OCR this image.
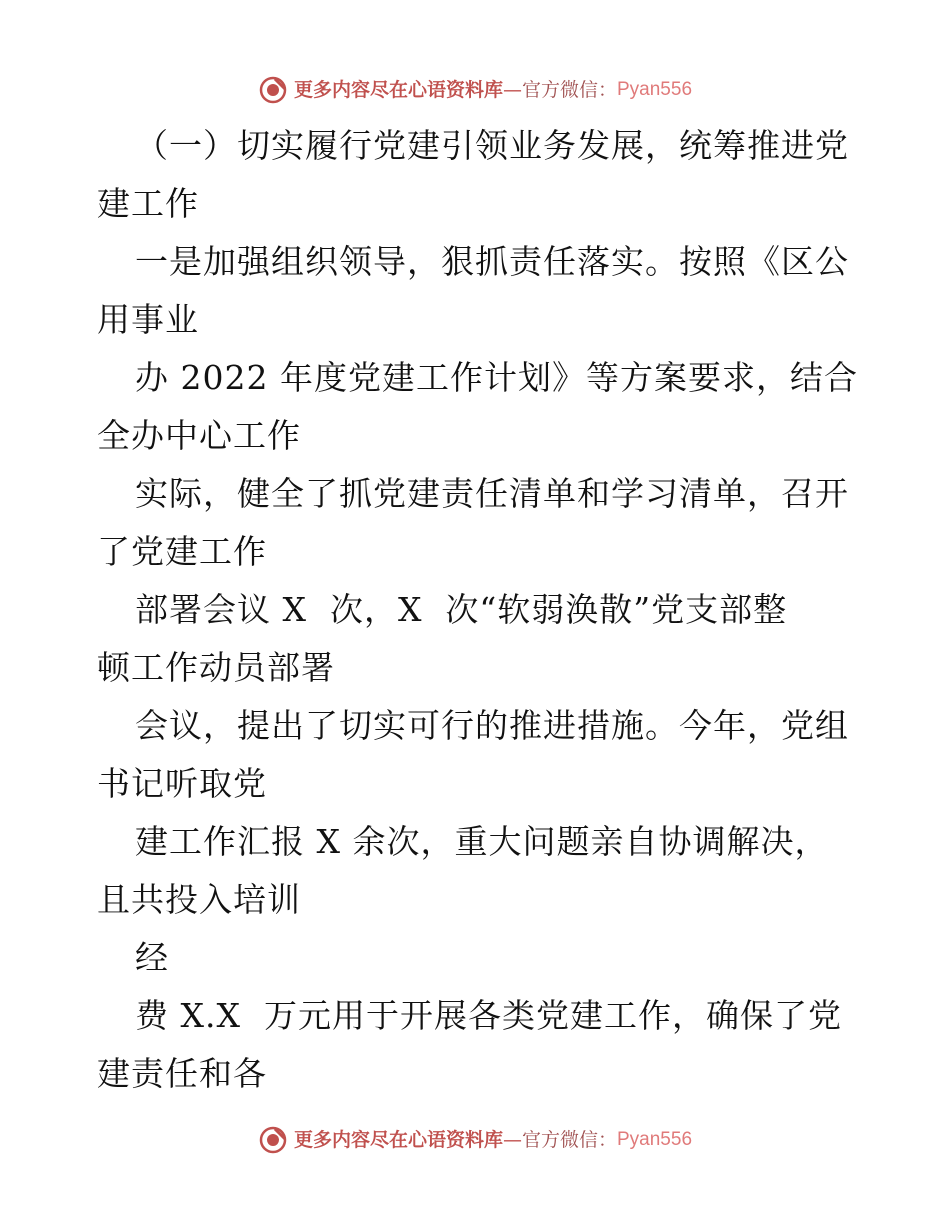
更多内容尽在心语资料库 — 官方微信： Pyan556
（一）切实履行党建引领业务发展，统筹推进党
建工作
一是加强组织领导，狠抓责任落实。按照《区公
用事业
办 2022 年度党建工作计划》等方案要求，结合
全办中心工作
实际，健全了抓党建责任清单和学习清单，召开
了党建工作
部署会议 X  次，X  次“软弱涣散”党支部整
顿工作动员部署
会议，提出了切实可行的推进措施。今年，党组
书记听取党
建工作汇报 X 余次，重大问题亲自协调解决，
且共投入培训
经
费 X.X  万元用于开展各类党建工作，确保了党
建责任和各
更多内容尽在心语资料库 — 官方微信： Pyan556
